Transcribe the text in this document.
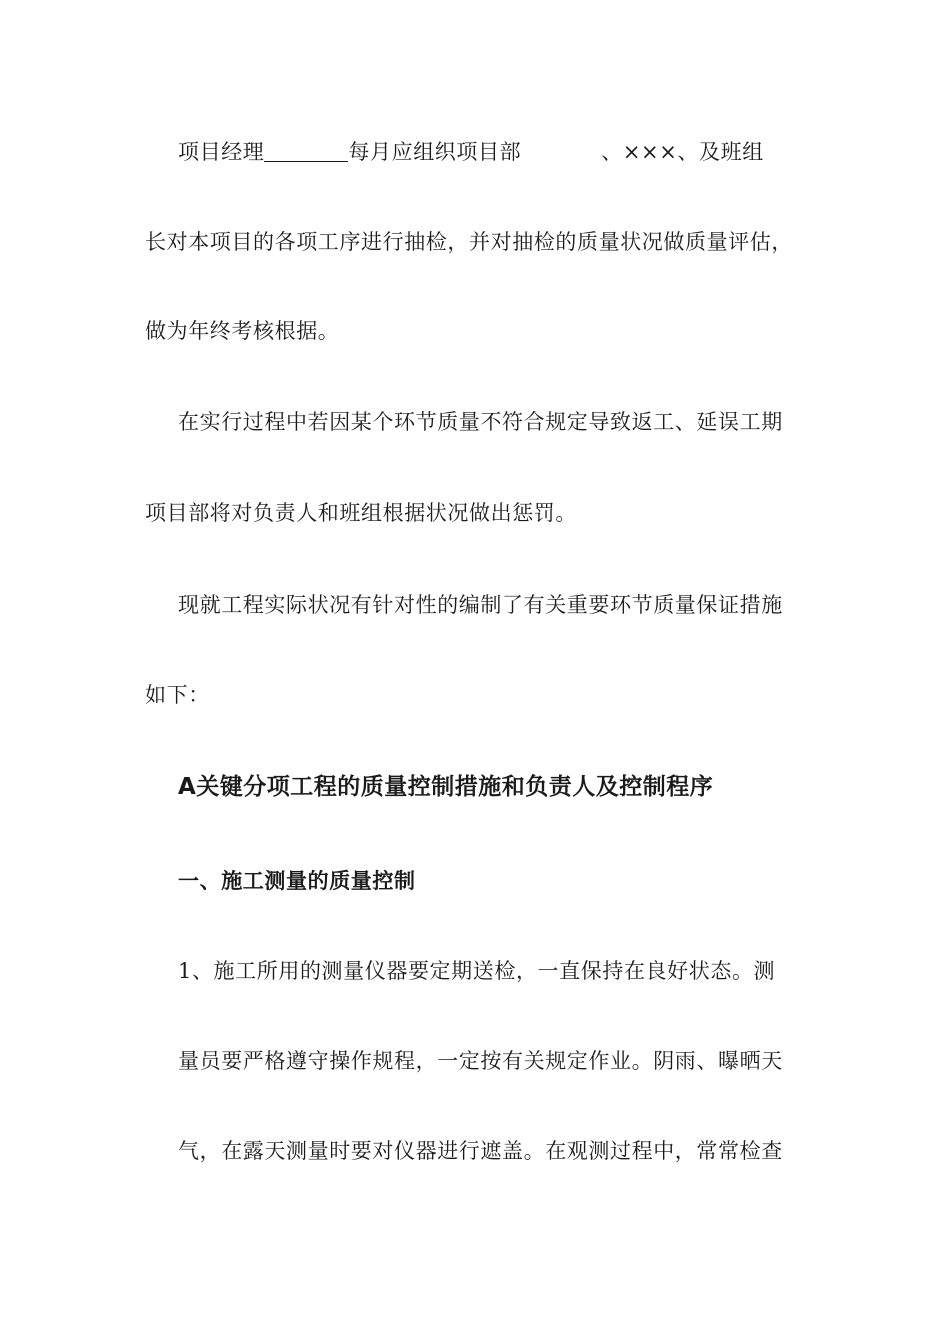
项目经理	每月应组织项目部	、×××、及班组
长对本项目的各项工序进行抽检，并对抽检的质量状况做质量评估，
做为年终考核根据。
在实行过程中若因某个环节质量不符合规定导致返工、延误工期
项目部将对负责人和班组根据状况做出惩罚。
现就工程实际状况有针对性的编制了有关重要环节质量保证措施
如下：
A关键分项工程的质量控制措施和负责人及控制程序
一、施工测量的质量控制
1、施工所用的测量仪器要定期送检，一直保持在良好状态。测
量员要严格遵守操作规程，一定按有关规定作业。阴雨、曝晒天
气，在露天测量时要对仪器进行遮盖。在观测过程中，常常检查
